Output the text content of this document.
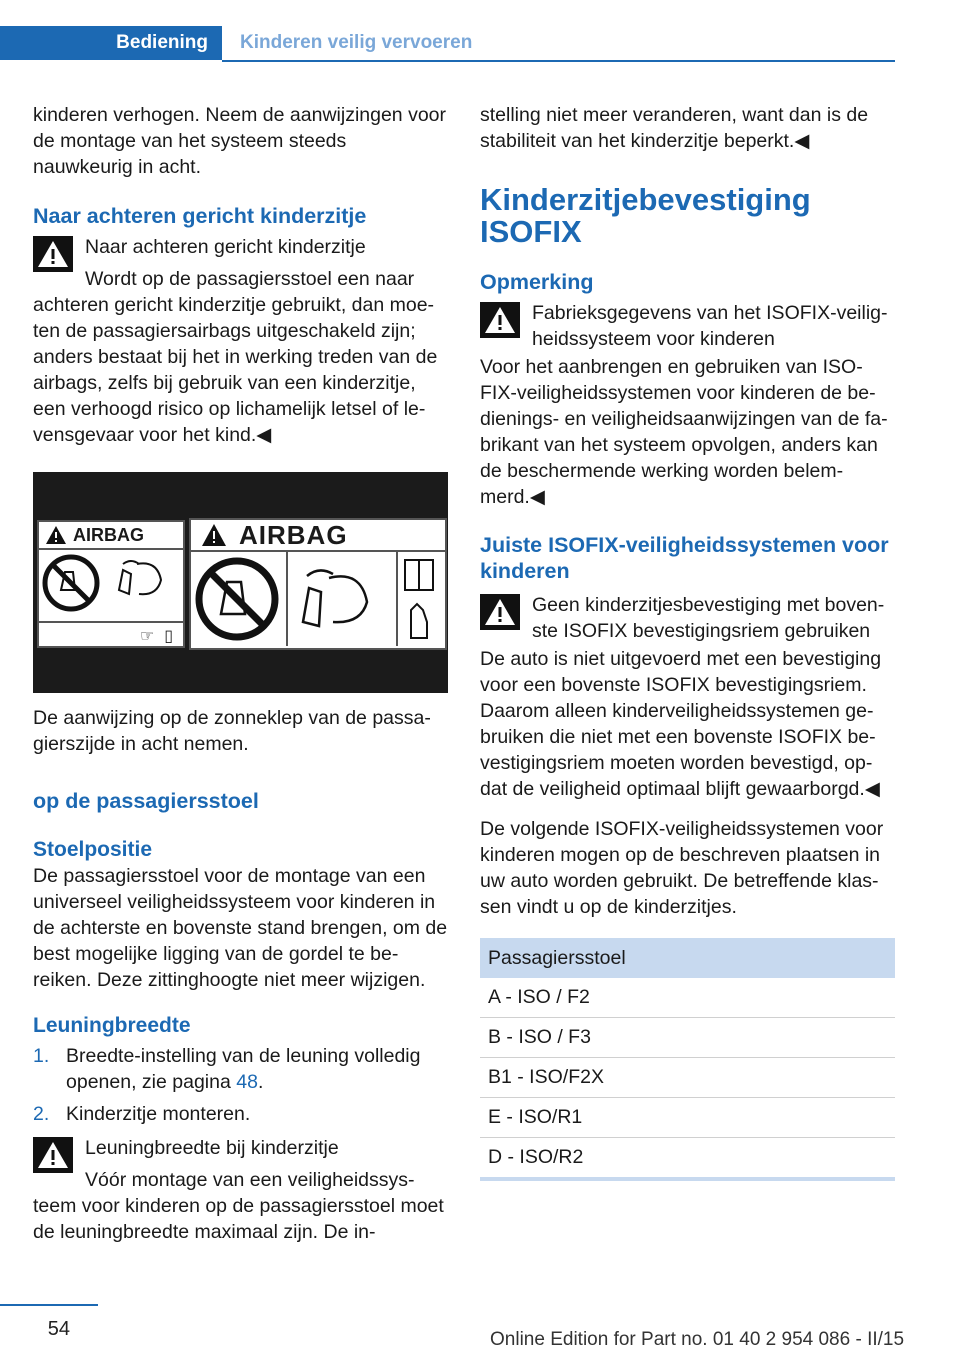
Bediening	Kinderen veilig vervoeren

kinderen verhogen. Neem de aanwijzingen voor de montage van het systeem steeds nauwkeurig in acht.

Naar achteren gericht kinderzitje
Naar achteren gericht kinderzitje

Wordt op de passagiersstoel een naar achteren gericht kinderzitje gebruikt, dan moe-ten de passagiersairbags uitgeschakeld zijn; anders bestaat bij het in werking treden van de airbags, zelfs bij gebruik van een kinderzitje, een verhoogd risico op lichamelijk letsel of le-vensgevaar voor het kind.◀

AIRBAG
☞ ▯
AIRBAG

De aanwijzing op de zonneklep van de passa-gierszijde in acht nemen.

op de passagiersstoel
Stoelpositie

De passagiersstoel voor de montage van een universeel veiligheidssysteem voor kinderen in de achterste en bovenste stand brengen, om de best mogelijke ligging van de gordel te be-reiken. Deze zittinghoogte niet meer wijzigen.

Leuningbreedte
1. Breedte-instelling van de leuning volledig openen, zie pagina 48.
2. Kinderzitje monteren.
Leuningbreedte bij kinderzitje

Vóór montage van een veiligheidssys-teem voor kinderen op de passagiersstoel moet de leuningbreedte maximaal zijn. De in-

stelling niet meer veranderen, want dan is de stabiliteit van het kinderzitje beperkt.◀

Kinderzitjebevestiging
ISOFIX
Opmerking
Fabrieksgegevens van het ISOFIX-veilig-heidssysteem voor kinderen

Voor het aanbrengen en gebruiken van ISO-FIX-veiligheidssystemen voor kinderen de be-dienings- en veiligheidsaanwijzingen van de fa-brikant van het systeem opvolgen, anders kan de beschermende werking worden belem-merd.◀

Juiste ISOFIX-veiligheidssystemen voor kinderen
Geen kinderzitjesbevestiging met boven-ste ISOFIX bevestigingsriem gebruiken

De auto is niet uitgevoerd met een bevestiging voor een bovenste ISOFIX bevestigingsriem. Daarom alleen kinderveiligheidssystemen ge-bruiken die niet met een bovenste ISOFIX be-vestigingsriem moeten worden bevestigd, op-dat de veiligheid optimaal blijft gewaarborgd.◀

De volgende ISOFIX-veiligheidssystemen voor kinderen mogen op de beschreven plaatsen in uw auto worden gebruikt. De betreffende klas-sen vindt u op de kinderzitjes.

Passagiersstoel
A - ISO / F2
B - ISO / F3
B1 - ISO/F2X
E - ISO/R1
D - ISO/R2
54	Online Edition for Part no. 01 40 2 954 086 - II/15
